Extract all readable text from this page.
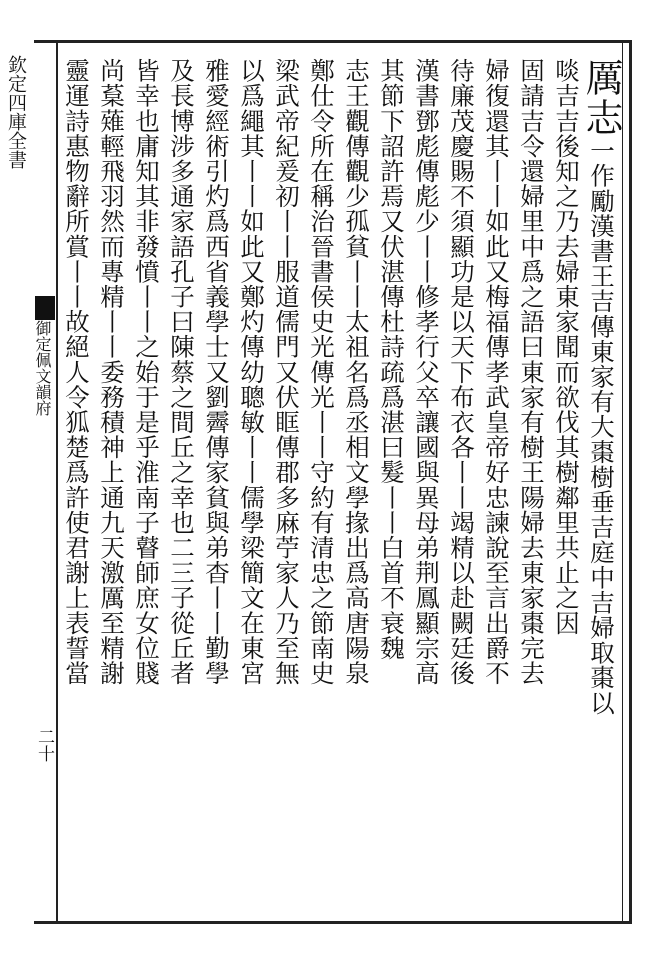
欽定四庫全書
御定佩文韻府
二十
厲志一作勵漢書王吉傳東家有大棗樹垂吉庭中吉婦取棗以
啖吉吉後知之乃去婦東家聞而欲伐其樹鄰里共止之因
固請吉令還婦里中爲之語曰東家有樹王陽婦去東家棗完去
婦復還其丨丨如此又梅福傳孝武皇帝好忠諫說至言出爵不
待廉茂慶賜不須顯功是以天下布衣各丨丨竭精以赴闕廷後
漢書鄧彪傳彪少丨丨修孝行父卒讓國與異母弟荆鳳顯宗高
其節下詔許焉又伏湛傳杜詩疏爲湛曰髮丨丨白首不衰魏
志王觀傳觀少孤貧丨丨太祖名爲丞相文學掾出爲高唐陽泉
鄭仕令所在稱治晉書侯史光傳光丨丨守約有清忠之節南史
梁武帝紀爰初丨丨服道儒門又伏眶傳郡多麻苧家人乃至無
以爲繩其丨丨如此又鄭灼傳幼聰敏丨丨儒學梁簡文在東宮
雅愛經術引灼爲西省義學士又劉霽傳家貧與弟杳丨丨勤學
及長博涉多通家語孔子曰陳蔡之間丘之幸也二三子從丘者
皆幸也庸知其非發憤丨丨之始于是乎淮南子瞽師庶女位賤
尚葈薙輕飛羽然而專精丨丨委務積神上通九天激厲至精謝
靈運詩惠物辭所賞丨丨故絕人令狐楚爲許使君謝上表誓當
